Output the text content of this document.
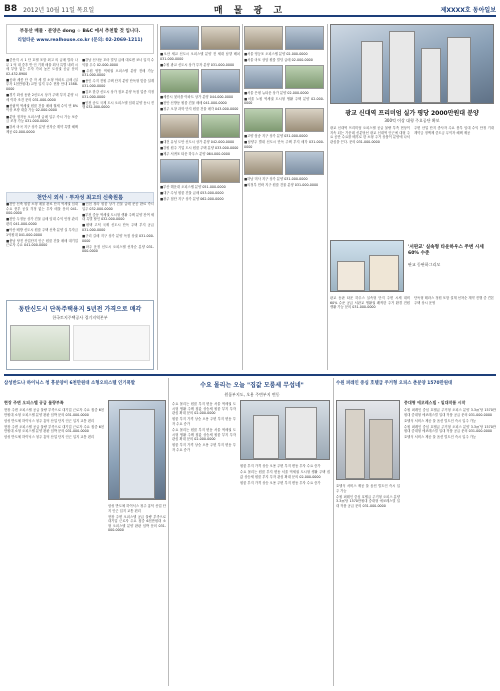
B8 2012년 10월 11일 목요일	매 물 광 고	제XXXX호 동아일보
부동산 매물 · 분양은 dong ☆ B&C 에서 추천할 것 입니다.
리얼타운 www.realhouse.co.kr (문의: 02-2069-1211)

■중산지 시 1 단 호텔 포함 최고 의 급매 빌라 나무 1 억 대 중후 반 인 기재 매물 회사 특별 내력 시세 부담 없는 투자 가치 높은 도심권 공급 문의 02-432-8900

■송파 세종 단 중 작 세 빌 소형 아파트 급매 (실 투자 1천만원대) 교통 입지 우수 현장 안내 1588-0000

■경기 화성 동탄 2신도시 상가 주택 부지 분양 시세 이하 조건 문의 031-000-0000

■신림역 역세권 원룸 건물 매매 월세 수익 연 8% 이상 보장 대출 가능 02-000-0000

■분당 정자동 오피스텔 급매 입주 즉시 가능 보증금 조정 가능 031-000-0000

■강서 마곡 지구 상가 분양 선착순 계약 특별 혜택 제공 02-000-0000

■강남 신사동 꼬마 빌딩 급매 대로변 코너 입지 수익률 우수 02-000-0000

■수원 영통 역세권 오피스텔 분양 전매 가능 031-000-0000

■용인 수지 전원 주택 단지 분양 단독형 맞춤 설계 031-000-0000

■김포 한강 신도시 상가 점포 분양 독점 업종 지정 031-000-0000

■인천 송도 국제 도시 오피스텔 임대 분양 동시 진행 032-000-0000

천안시 외식 · 투자성 최고의 신축원룸

■천안 신축 원룸 소형 매물 완료 단지 역세권 임대 수요 풍부 공실 걱정 없는 투자 매물 문의 041-000-0000

■천안 두정동 상가 건물 급매 임대 수익 안정 관리 편리 041-000-0000

■아산 배방 신도시 원룸 주택 신축 분양 실 투자금 1억원대 041-000-0000

■충남 당진 산업단지 인근 원룸 건물 매매 대기업 근로자 수요 041-000-0000

■인천 청라 원룸 상가 건물 급매 준공 완료 즉시 입주 032-000-0000

■부천 중동 역세권 도시형 생활 주택 분양 잔여 세대 특별 할인 032-000-0000

■평택 고덕 국제 신도시 단독 주택 부지 공급 031-000-0000

■구리 갈매 지구 상가 분양 독점 상권 031-000-0000

■파주 운정 신도시 오피스텔 선착순 분양 031-000-0000

동탄신도시 단독주택용지 5년전 가격으로 매각
한국토지주택공사 경기지역본부

■오산 세교 신도시 오피스텔 분양 전 세대 남향 배치 031-000-0000

■수원 광교 신도시 상가 투자 분양 031-000-0000

■세종시 첫마을 아파트 상가 분양 044-000-0000

■천안 신방동 원룸 건물 매매 041-000-0000

■청주 오창 과학 단지 원룸 건물 매각 043-000-0000

■대전 유성 도안 신도시 상가 분양 042-000-0000

■강원 원주 기업 도시 원룸 주택 분양 033-000-0000

■제주 서귀포 타운 하우스 분양 064-000-0000

■부산 해운대 오피스텔 분양 051-000-0000

■대구 수성 원룸 건물 급매 053-000-0000

■광주 첨단 지구 상가 분양 062-000-0000

■서울 영등포 오피스텔 분양 02-000-0000

■서울 마포 상암 원룸 빌딩 급매 02-000-0000

■서울 은평 뉴타운 상가 분양 02-000-0000

■서울 노원 역세권 도시형 생활 주택 분양 02-000-0000

■고양 삼송 지구 상가 분양 031-000-0000

■남양주 별내 신도시 단독 주택 부지 매각 031-000-0000

■하남 미사 지구 상가 분양 031-000-0000

■의정부 민락 지구 원룸 건물 분양 031-000-0000

광교 신대역 프리미엄 실가 평당 2000만원대 분양
300억 이상 대형 주요공단 확보

광교 신대역 프리미엄 오피스텔 공급 물량 부족 현상이 지속 되는 가운데 신분당선 광교 신대역 인근에 대형 주요 공단 수요를 배후로 한 소형 주거 상품이 분양에 나서 관심을 끈다. 문의 031-000-0000

주변 산업 단지 종사자 수요 풍부 임대 수익 안정 기대 계약금 정액제 중도금 무이자 혜택 제공

'서판교' 실속형 타운하우스 주변 시세 60% 수준
판교 동판하그리모

판교 동판 타운 하우스 실속형 단지 주변 시세 대비 60% 수준 공급 서판교 생활권 쾌적한 주거 환경 전원 생활 가능 문의 031-000-0000

단독형 테라스 정원 포함 설계 선착순 계약 진행 중 견본 주택 상시 운영

삼성반도나 하이닉스 청 흥분양이 6천만원대 소형오피스텔 인기폭발	수요 몰리는 오늘 "집값 모룸세 무섭네"	수원 퍼레인 중심 호텔급 주거형 오피스 춘분양 1570만원대
현장 주변 오피스텔 공급 물량부족

현장 주변 오피스텔 공급 물량 부족으로 대기업 근로자 수요 집중 6천만원대 소형 오피스텔 분양 완판 임박 문의 031-000-0000

삼성 반도체 하이닉스 청주 흥덕 산업 단지 인근 입지 교통 편리

현장 주변 오피스텔 공급 물량 부족으로 대기업 근로자 수요 집중 6천만원대 소형 오피스텔 분양 완판 임박 문의 031-000-0000

삼성 반도체 하이닉스 청주 흥덕 산업 단지 인근 입지 교통 편리

삼성 반도체 하이닉스 청주 흥덕 산업 단지 인근 입지 교통 편리

현장 주변 오피스텔 공급 물량 부족으로 대기업 근로자 수요 집중 6천만원대 소형 오피스텔 분양 완판 임박 문의 031-000-0000

원룸부지도, 오용 주변부지 변동

수요 몰리는 원룸 부지 변동 서울 역세권 도시형 생활 주택 집값 상승세 원룸 부지 투자 관심 확대 문의 02-000-0000

원룸 부지 가격 상승 오용 주변 부지 변동 투자 수요 증가

수요 몰리는 원룸 부지 변동 서울 역세권 도시형 생활 주택 집값 상승세 원룸 부지 투자 관심 확대 문의 02-000-0000

원룸 부지 가격 상승 오용 주변 부지 변동 투자 수요 증가

원룸 부지 가격 상승 오용 주변 부지 변동 투자 수요 증가

수요 몰리는 원룸 부지 변동 서울 역세권 도시형 생활 주택 집값 상승세 원룸 부지 투자 관심 확대 문의 02-000-0000

원룸 부지 가격 상승 오용 주변 부지 변동 투자 수요 증가

중대형 에코레스빌 - 일대작품 시작

수원 퍼레인 중심 호텔급 주거형 오피스 분양 3.3㎡당 1570만원대 중대형 에코레스빌 일대 작품 공급 문의 031-000-0000

호텔식 서비스 제공 풀 옵션 빌트인 즉시 입주 가능

수원 퍼레인 중심 호텔급 주거형 오피스 분양 3.3㎡당 1570만원대 중대형 에코레스빌 일대 작품 공급 문의 031-000-0000

호텔식 서비스 제공 풀 옵션 빌트인 즉시 입주 가능

호텔식 서비스 제공 풀 옵션 빌트인 즉시 입주 가능

수원 퍼레인 중심 호텔급 주거형 오피스 분양 3.3㎡당 1570만원대 중대형 에코레스빌 일대 작품 공급 문의 031-000-0000
